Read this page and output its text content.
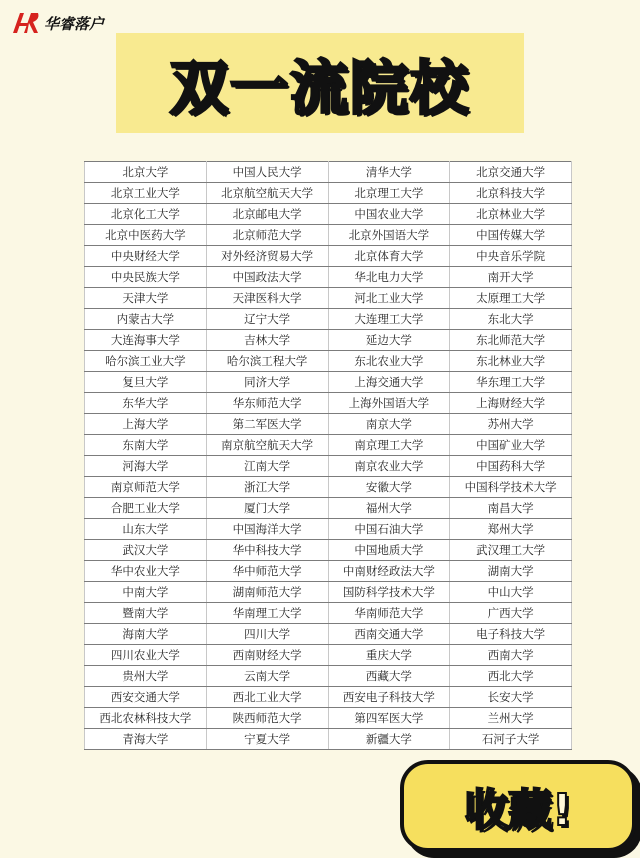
华睿落户
双一流院校
北京大学	中国人民大学	清华大学	北京交通大学
北京工业大学	北京航空航天大学	北京理工大学	北京科技大学
北京化工大学	北京邮电大学	中国农业大学	北京林业大学
北京中医药大学	北京师范大学	北京外国语大学	中国传媒大学
中央财经大学	对外经济贸易大学	北京体育大学	中央音乐学院
中央民族大学	中国政法大学	华北电力大学	南开大学
天津大学	天津医科大学	河北工业大学	太原理工大学
内蒙古大学	辽宁大学	大连理工大学	东北大学
大连海事大学	吉林大学	延边大学	东北师范大学
哈尔滨工业大学	哈尔滨工程大学	东北农业大学	东北林业大学
复旦大学	同济大学	上海交通大学	华东理工大学
东华大学	华东师范大学	上海外国语大学	上海财经大学
上海大学	第二军医大学	南京大学	苏州大学
东南大学	南京航空航天大学	南京理工大学	中国矿业大学
河海大学	江南大学	南京农业大学	中国药科大学
南京师范大学	浙江大学	安徽大学	中国科学技术大学
合肥工业大学	厦门大学	福州大学	南昌大学
山东大学	中国海洋大学	中国石油大学	郑州大学
武汉大学	华中科技大学	中国地质大学	武汉理工大学
华中农业大学	华中师范大学	中南财经政法大学	湖南大学
中南大学	湖南师范大学	国防科学技术大学	中山大学
暨南大学	华南理工大学	华南师范大学	广西大学
海南大学	四川大学	西南交通大学	电子科技大学
四川农业大学	西南财经大学	重庆大学	西南大学
贵州大学	云南大学	西藏大学	西北大学
西安交通大学	西北工业大学	西安电子科技大学	长安大学
西北农林科技大学	陕西师范大学	第四军医大学	兰州大学
青海大学	宁夏大学	新疆大学	石河子大学
收藏!
